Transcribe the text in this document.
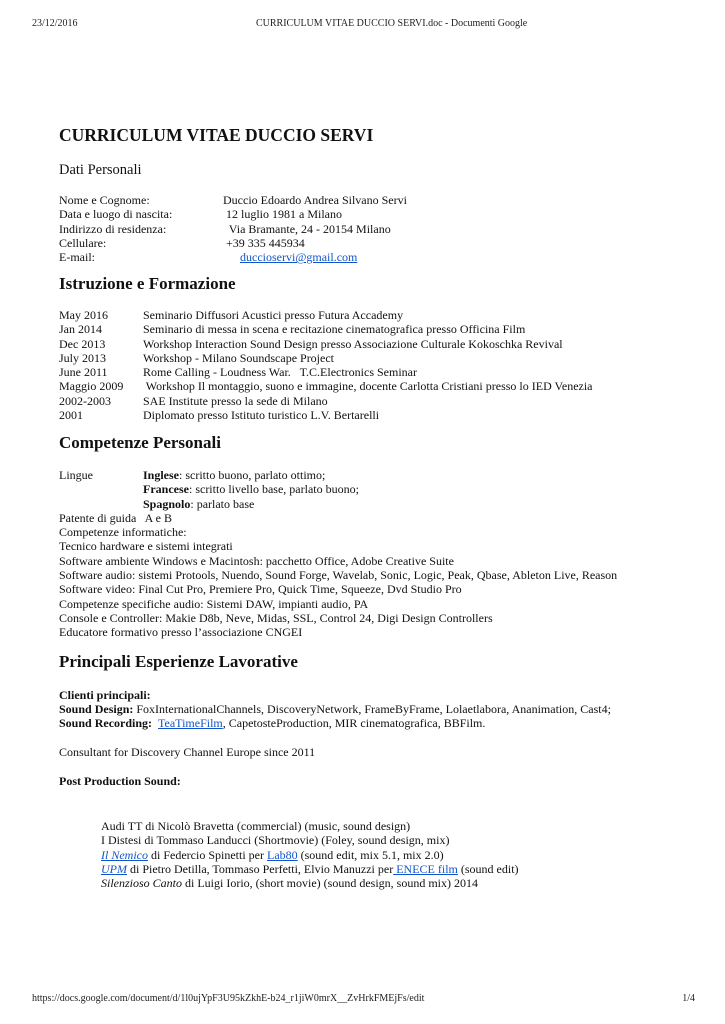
23/12/2016	CURRICULUM VITAE DUCCIO SERVI.doc - Documenti Google
CURRICULUM VITAE DUCCIO SERVI
Dati Personali
Nome e Cognome:	Duccio Edoardo Andrea Silvano Servi
Data e luogo di nascita:	12 luglio 1981 a Milano
Indirizzo di residenza:	Via Bramante, 24 - 20154 Milano
Cellulare:	+39 335 445934
E-mail:	duccioservi@gmail.com
Istruzione e Formazione
May 2016	Seminario Diffusori Acustici presso Futura Accademy
Jan 2014	Seminario di messa in scena e recitazione cinematografica presso Officina Film
Dec 2013	Workshop Interaction Sound Design presso Associazione Culturale Kokoschka Revival
July 2013	Workshop - Milano Soundscape Project
June 2011	Rome Calling - Loudness War.   T.C.Electronics Seminar
Maggio 2009 Workshop Il montaggio, suono e immagine, docente Carlotta Cristiani presso lo IED Venezia
2002-2003	SAE Institute presso la sede di Milano
2001	Diplomato presso Istituto turistico L.V. Bertarelli
Competenze Personali
Lingue	Inglese: scritto buono, parlato ottimo;
Francese: scritto livello base, parlato buono;
Spagnolo: parlato base
Patente di guida   A e B
Competenze informatiche:
Tecnico hardware e sistemi integrati
Software ambiente Windows e Macintosh: pacchetto Office, Adobe Creative Suite
Software audio: sistemi Protools, Nuendo, Sound Forge, Wavelab, Sonic, Logic, Peak, Qbase, Ableton Live, Reason
Software video: Final Cut Pro, Premiere Pro, Quick Time, Squeeze, Dvd Studio Pro
Competenze specifiche audio: Sistemi DAW, impianti audio, PA
Console e Controller: Makie D8b, Neve, Midas, SSL, Control 24, Digi Design Controllers
Educatore formativo presso l’associazione CNGEI
Principali Esperienze Lavorative
Clienti principali:
Sound Design: FoxInternationalChannels, DiscoveryNetwork, FrameByFrame, Lolaetlabora, Ananimation, Cast4;
Sound Recording: TeaTimeFilm, CapetosteProduction, MIR cinematografica, BBFilm.
Consultant for Discovery Channel Europe since 2011
Post Production Sound:
Audi TT di Nicolò Bravetta (commercial) (music, sound design)
I Distesi di Tommaso Landucci (Shortmovie) (Foley, sound design, mix)
Il Nemico di Federcio Spinetti per Lab80 (sound edit, mix 5.1, mix 2.0)
UPM di Pietro Detilla, Tommaso Perfetti, Elvio Manuzzi per ENECE film (sound edit)
Silenzioso Canto di Luigi Iorio, (short movie) (sound design, sound mix) 2014
https://docs.google.com/document/d/1l0ujYpF3U95kZkhE-b24_r1jiW0mrX__ZvHrkFMEjFs/edit	1/4
